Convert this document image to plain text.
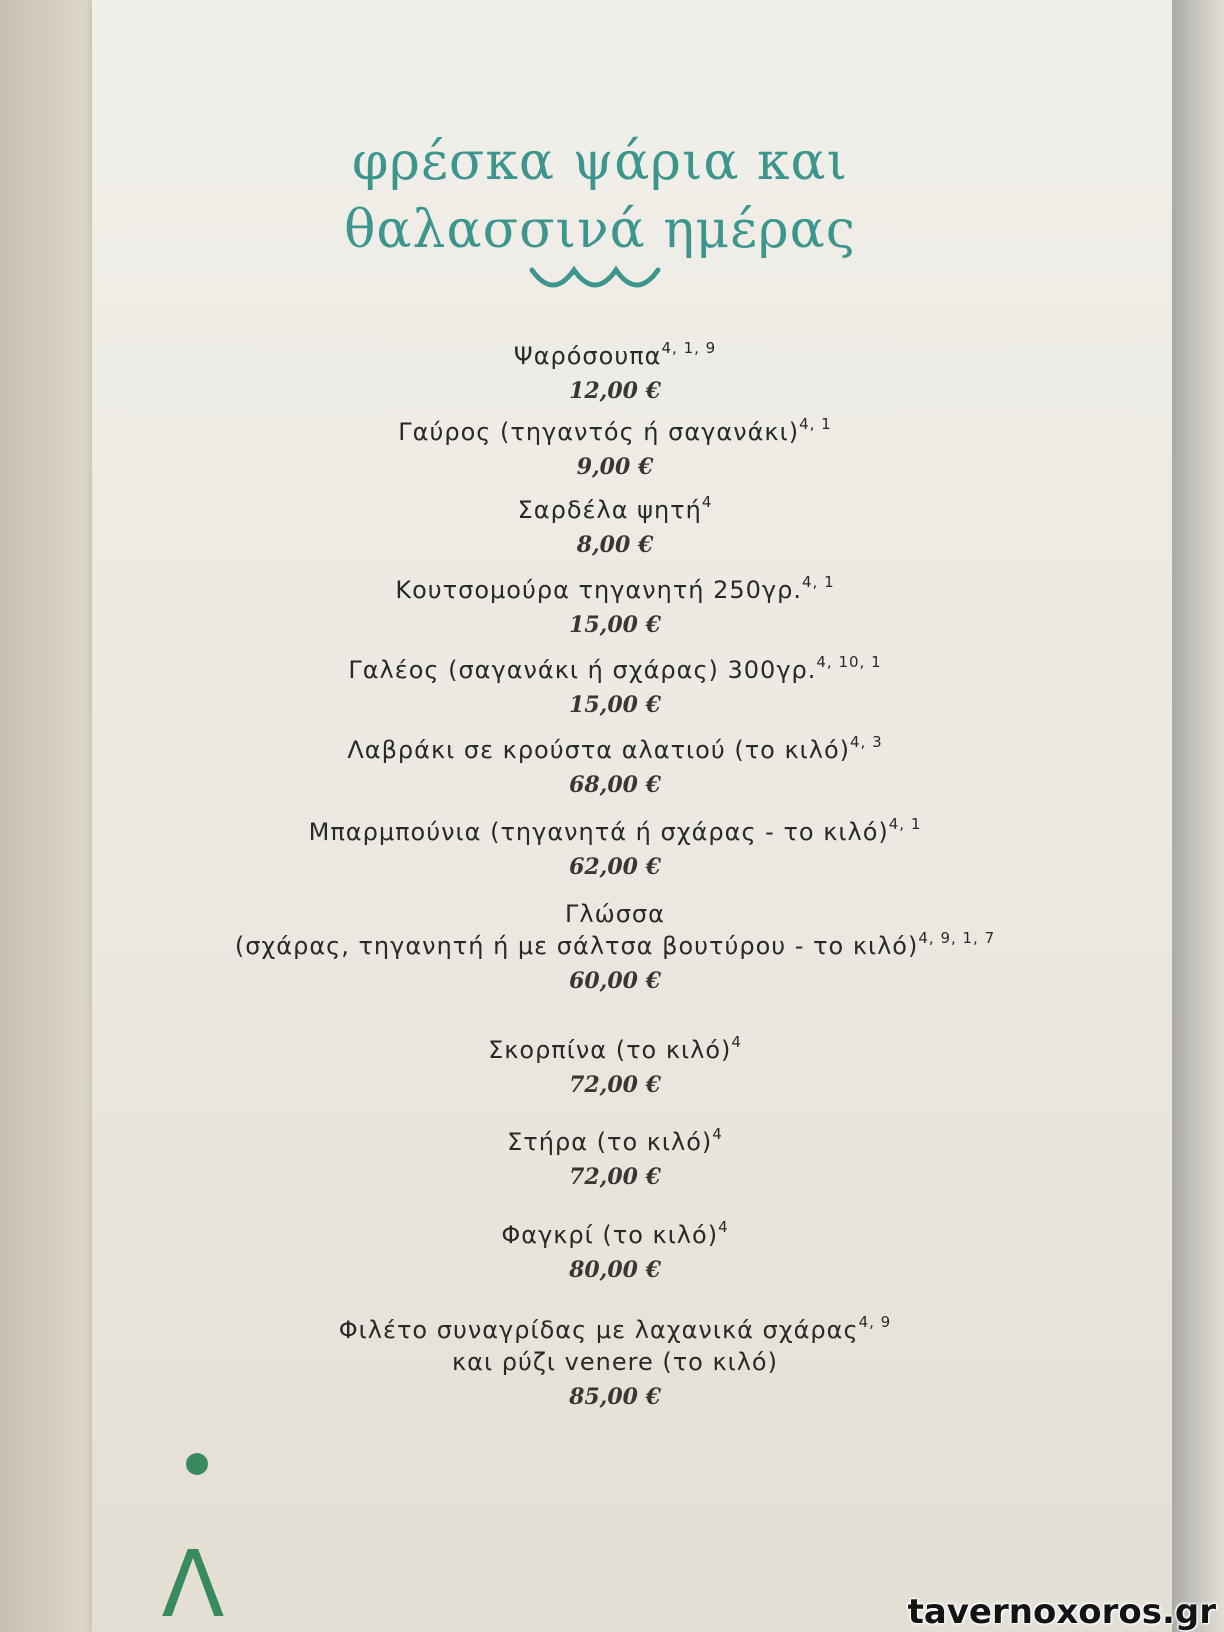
φρέσκα ψάρια και
θαλασσινά ημέρας
Ψαρόσουπα$^{4, 1, 9}$
12,00 €
Γαύρος (τηγαντός ή σαγανάκι)$^{4, 1}$
9,00 €
Σαρδέλα ψητή$^4$
8,00 €
Κουτσομούρα τηγανητή 250γρ.$^{4, 1}$
15,00 €
Γαλέος (σαγανάκι ή σχάρας) 300γρ.$^{4, 10, 1}$
15,00 €
Λαβράκι σε κρούστα αλατιού (το κιλό)$^{4, 3}$
68,00 €
Μπαρμπούνια (τηγανητά ή σχάρας - το κιλό)$^{4, 1}$
62,00 €
Γλώσσα
(σχάρας, τηγανητή ή με σάλτσα βουτύρου - το κιλό)$^{4, 9, 1, 7}$
60,00 €
Σκορπίνα (το κιλό)$^4$
72,00 €
Στήρα (το κιλό)$^4$
72,00 €
Φαγκρί (το κιλό)$^4$
80,00 €
Φιλέτο συναγρίδας με λαχανικά σχάρας$^{4, 9}$
και ρύζι venere (το κιλό)
85,00 €
Λ	tavernoxoros.gr
